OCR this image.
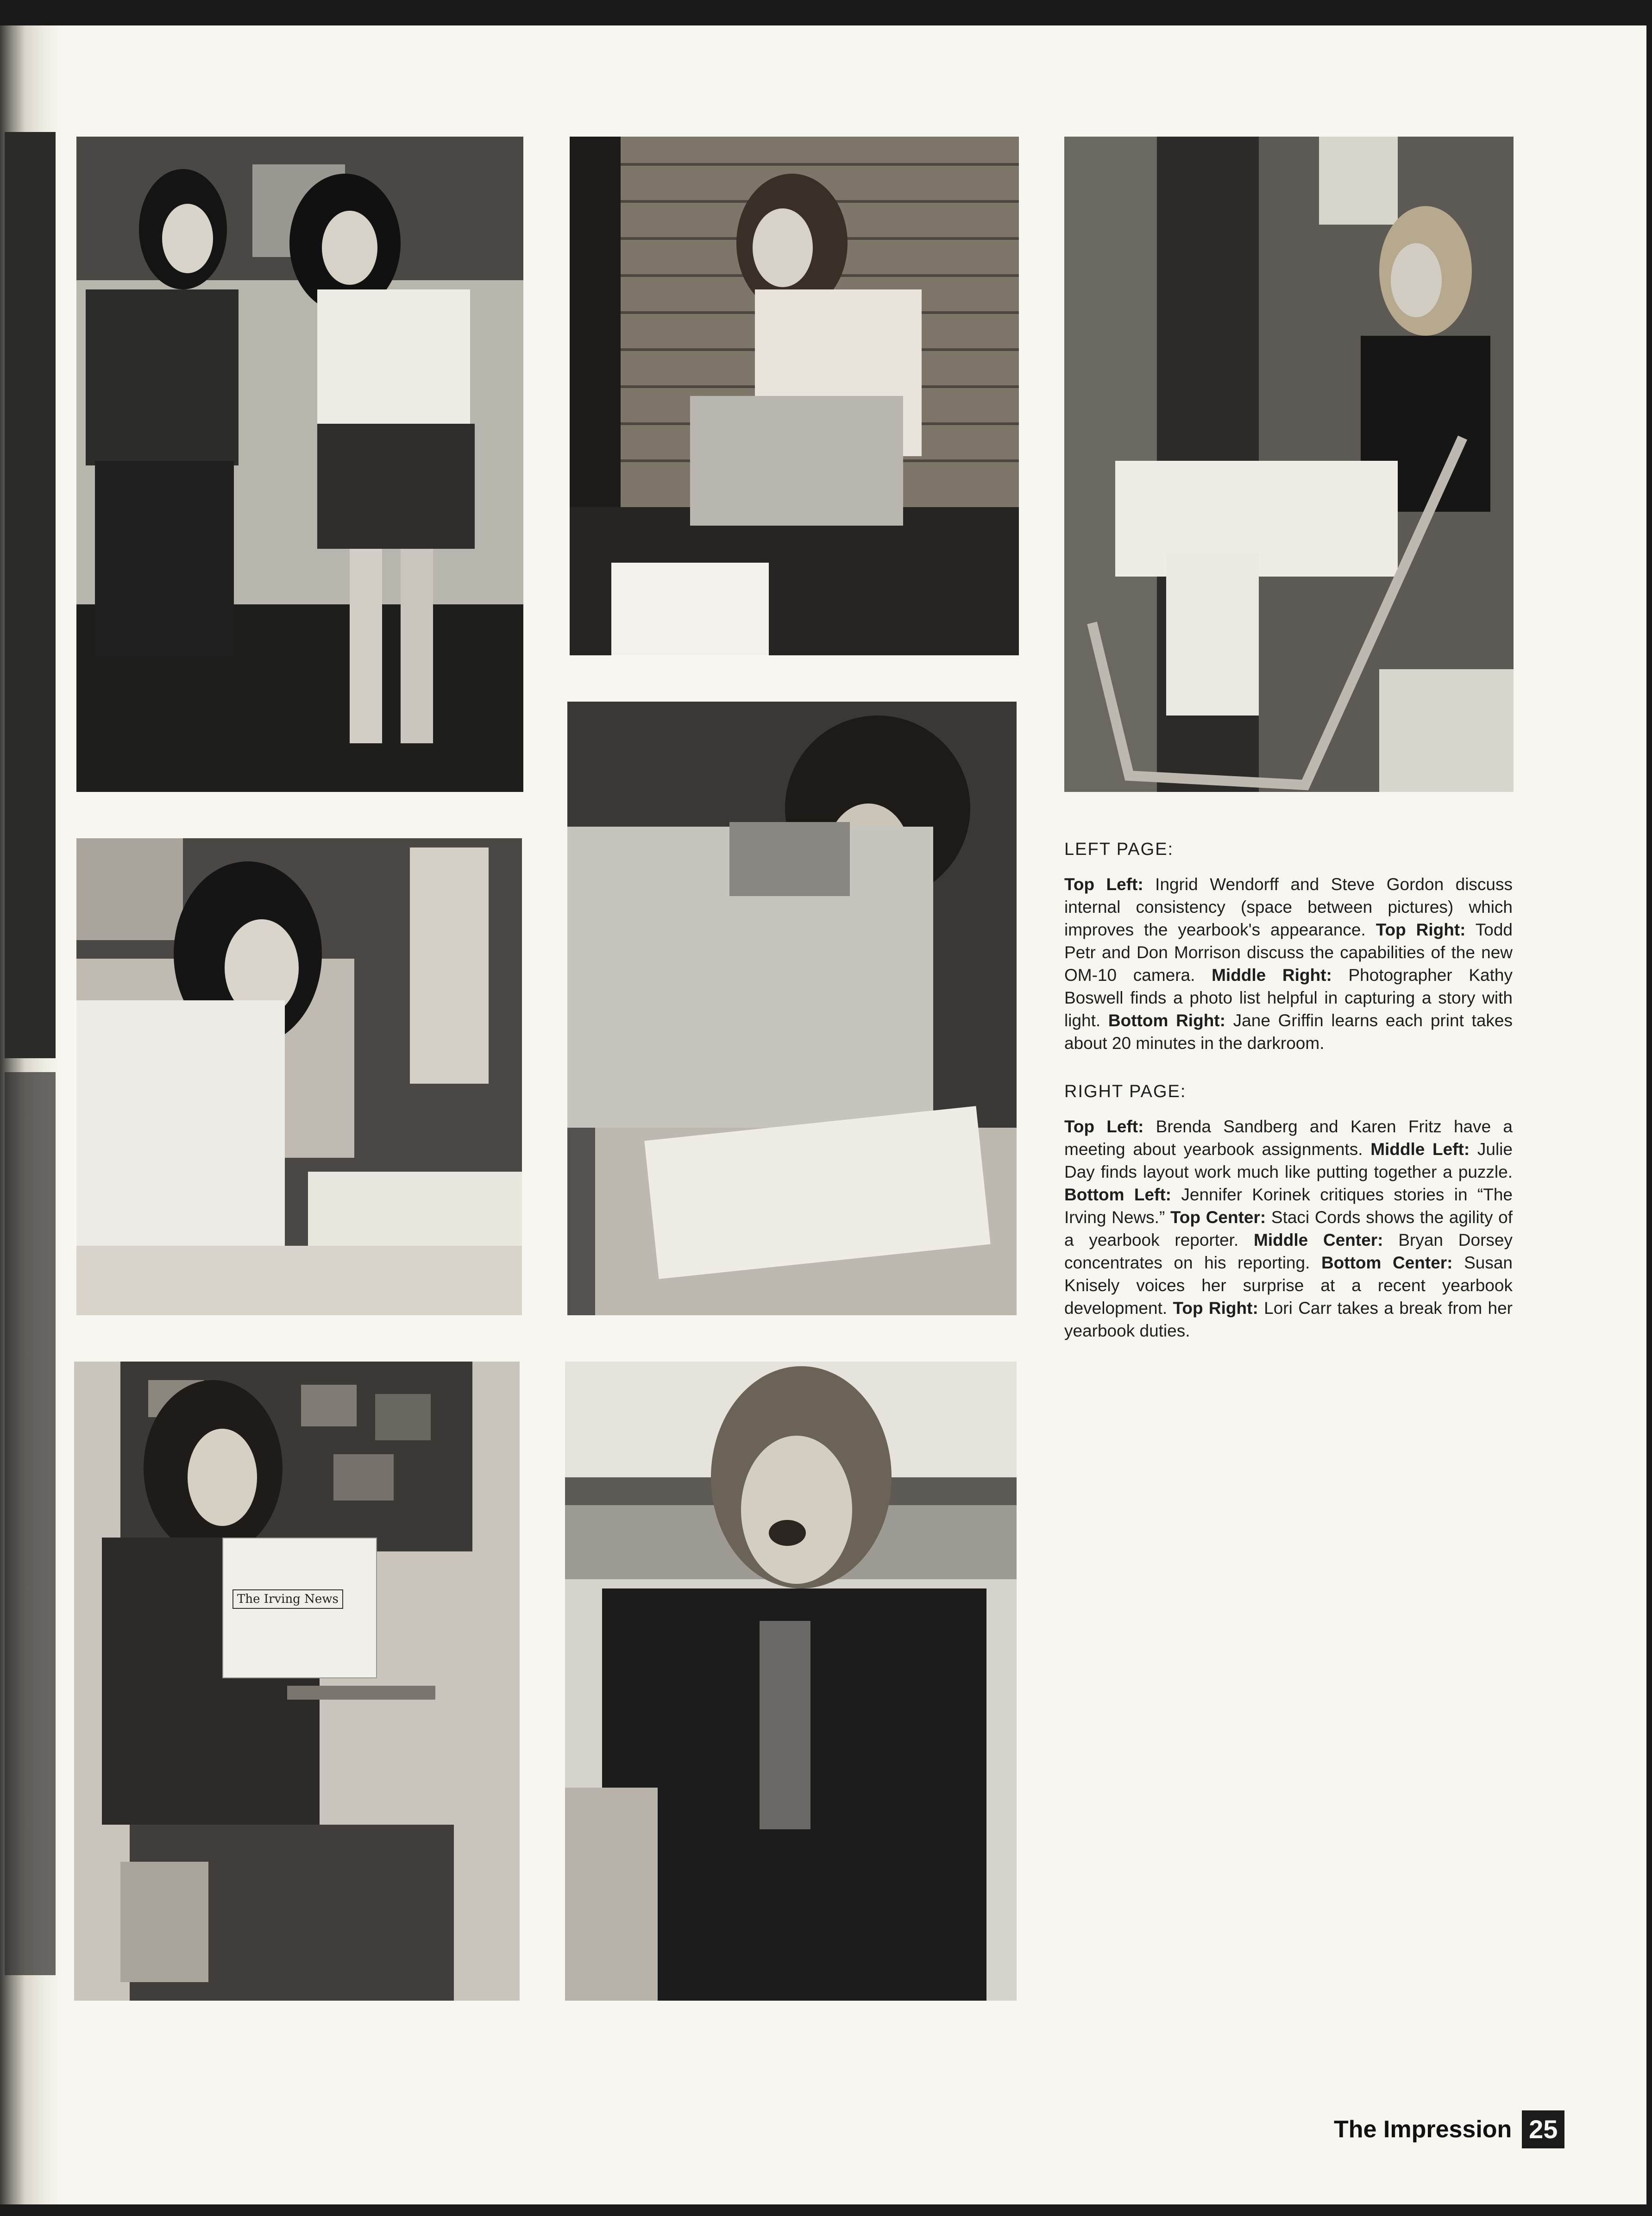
The Irving News
LEFT PAGE:

Top Left: Ingrid Wendorff and Steve Gordon discuss internal consistency (space between pictures) which improves the yearbook's appearance. Top Right: Todd Petr and Don Morrison discuss the capabilities of the new OM-10 camera. Middle Right: Photographer Kathy Boswell finds a photo list helpful in capturing a story with light. Bottom Right: Jane Griffin learns each print takes about 20 minutes in the darkroom.

RIGHT PAGE:

Top Left: Brenda Sandberg and Karen Fritz have a meeting about yearbook assignments. Middle Left: Julie Day finds layout work much like putting together a puzzle. Bottom Left: Jennifer Korinek critiques stories in “The Irving News.” Top Center: Staci Cords shows the agility of a yearbook reporter. Middle Center: Bryan Dorsey concentrates on his reporting. Bottom Center: Susan Knisely voices her surprise at a recent yearbook development. Top Right: Lori Carr takes a break from her yearbook duties.

The Impression 25
